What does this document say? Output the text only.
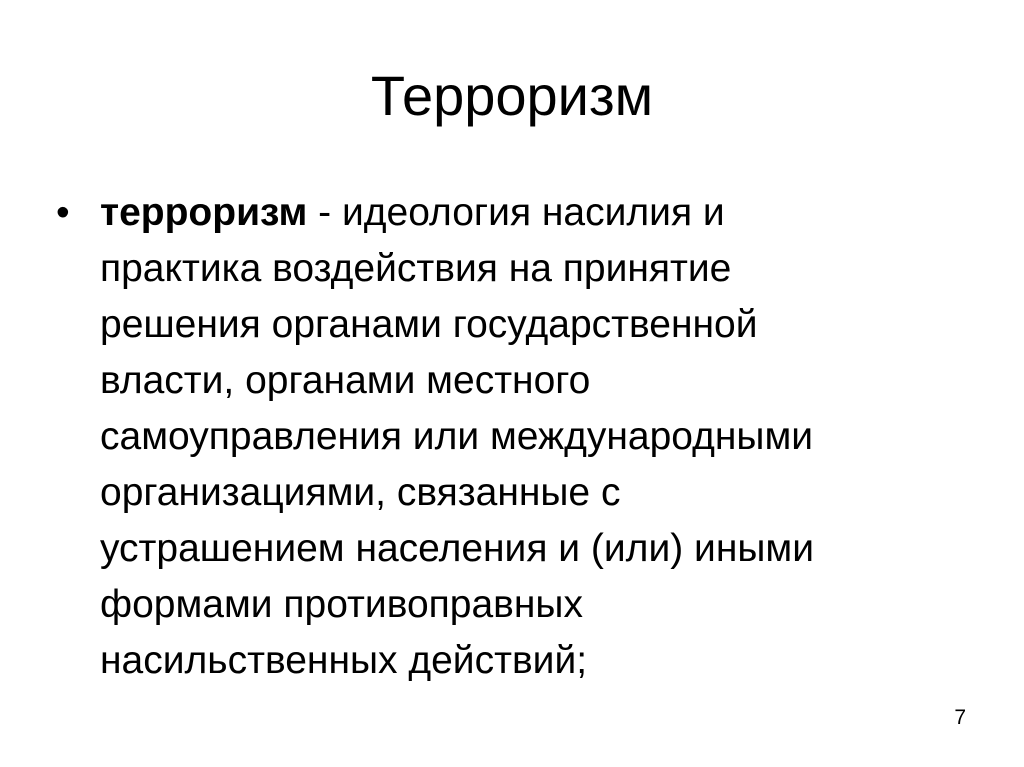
Терроризм
• терроризм - идеология насилия и
практика воздействия на принятие
решения органами государственной
власти, органами местного
самоуправления или международными
организациями, связанные с
устрашением населения и (или) иными
формами противоправных
насильственных действий;
7
